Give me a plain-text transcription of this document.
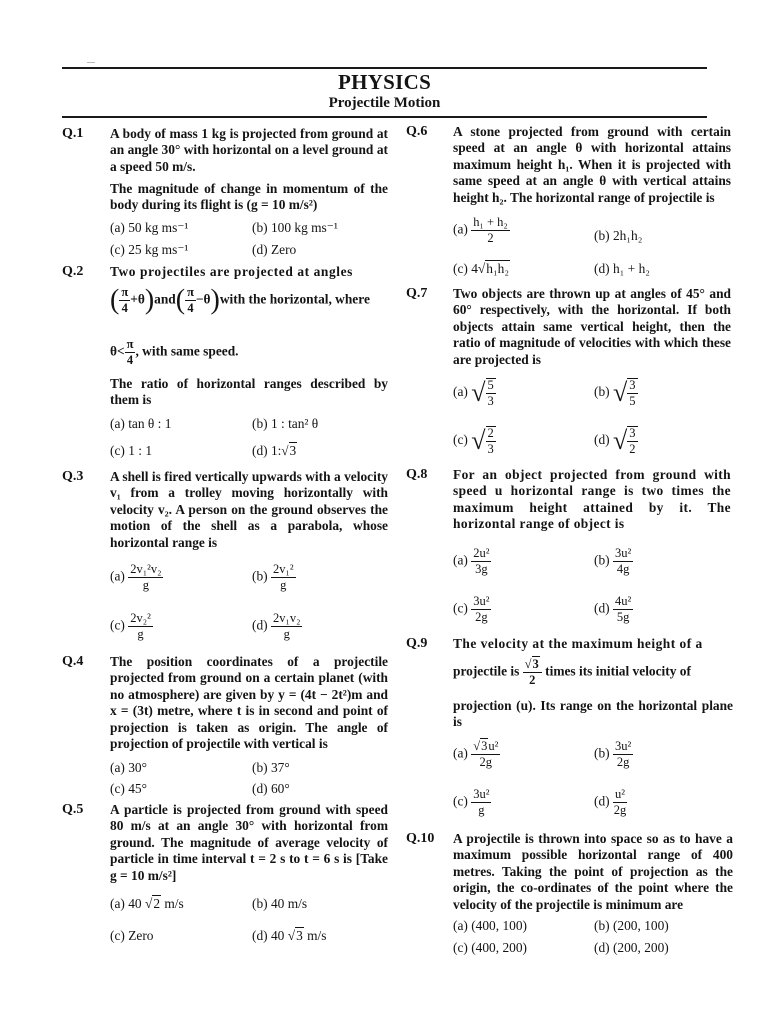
PHYSICS
Projectile Motion
Q.1 A body of mass 1 kg is projected from ground at an angle 30° with horizontal on a level ground at a speed 50 m/s.
The magnitude of change in momentum of the body during its flight is (g = 10 m/s²)
(a) 50 kg ms⁻¹	(b) 100 kg ms⁻¹
(c) 25 kg ms⁻¹	(d) Zero
Q.2 Two projectiles are projected at angles
( $\frac{\pi}{4} +\theta)and( \frac{\pi}{4}$ −θ)with the horizontal, where
$\theta< \frac{\pi}{4}$ , with same speed.
The ratio of horizontal ranges described by them is
(a) tan θ : 1	(b) 1 : tan² θ
(c) 1 : 1	(d) 1:√3
Q.3 A shell is fired vertically upwards with a velocity v₁ from a trolley moving horizontally with velocity v₂. A person on the ground observes the motion of the shell as a parabola, whose horizontal range is
$(a) \frac{\text{2v₁²v₂}}{g}$	$(b) \frac{\text{2v₁²}}{g}$
$(c) \frac{\text{2v₂²}}{g}$	$(d) \frac{\text{2v₁v₂}}{g}$
Q.4 The position coordinates of a projectile projected from ground on a certain planet (with no atmosphere) are given by y = (4t − 2t²)m and x = (3t) metre, where t is in second and point of projection is taken as origin. The angle of projection of projectile with vertical is
(a) 30°	(b) 37°
(c) 45°	(d) 60°
Q.5 A particle is projected from ground with speed 80 m/s at an angle 30° with horizontal from ground. The magnitude of average velocity of particle in time interval t = 2 s to t = 6 s is [Take g = 10 m/s²]
(a) 40 √2 m/s	(b) 40 m/s
(c) Zero	(d) 40 √3 m/s
Q.6 A stone projected from ground with certain speed at an angle θ with horizontal attains maximum height h₁. When it is projected with same speed at an angle θ with vertical attains height h₂. The horizontal range of projectile is
$(a) \frac{\text{h₁ + h₂}}{2}$	(b) 2h₁h₂
(c) 4√h₁h₂	(d) h₁ + h₂
Q.7 Two objects are thrown up at angles of 45° and 60° respectively, with the horizontal. If both objects attain same vertical height, then the ratio of magnitude of velocities with which these are projected is
(a) √ $\frac{5}{3}$	(b) √ $\frac{3}{5}$
(c) √ $\frac{2}{3}$	(d) √ $\frac{3}{2}$
Q.8 For an object projected from ground with speed u horizontal range is two times the maximum height attained by it. The horizontal range of object is
$(a) \frac{\text{2u²}}{3g}$	$(b) \frac{\text{3u²}}{4g}$
$(c) \frac{\text{3u²}}{2g}$	$(d) \frac{\text{4u²}}{5g}$
Q.9 The velocity at the maximum height of a
projectile is $\frac{√3}{2}$ times its initial velocity of
projection (u). Its range on the horizontal plane is
$(a) \frac{\text{√3u²}}{2g}$	$(b) \frac{\text{3u²}}{2g}$
$(c) \frac{\text{3u²}}{g}$	$(d) \frac{\text{u²}}{2g}$
Q.10 A projectile is thrown into space so as to have a maximum possible horizontal range of 400 metres. Taking the point of projection as the origin, the co-ordinates of the point where the velocity of the projectile is minimum are
(a) (400, 100)	(b) (200, 100)
(c) (400, 200)	(d) (200, 200)
